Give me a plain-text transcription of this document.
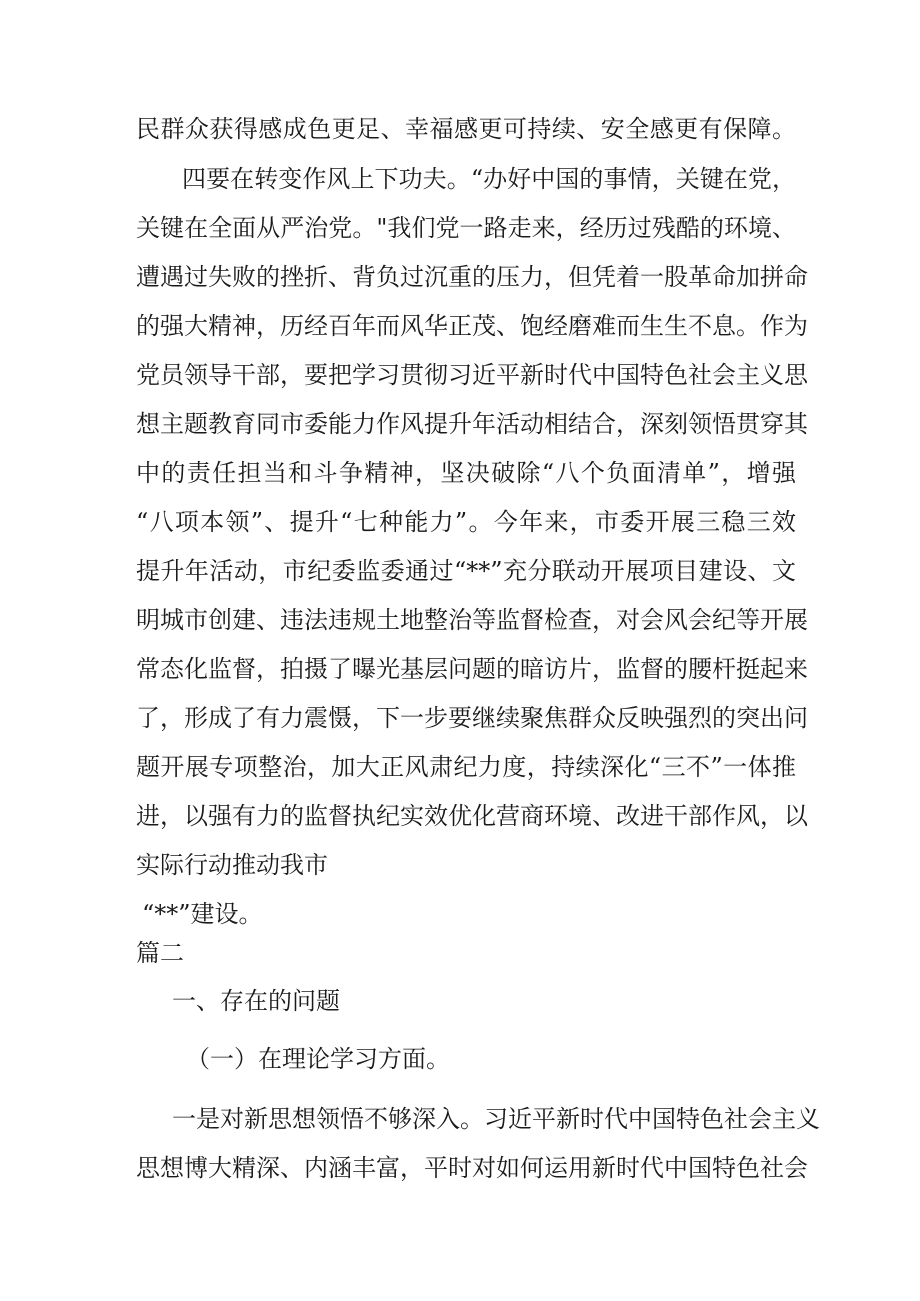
民群众获得感成色更足、幸福感更可持续、安全感更有保障。
四要在转变作风上下功夫。“办好中国的事情，关键在党，
关键在全面从严治党。"我们党一路走来，经历过残酷的环境、
遭遇过失败的挫折、背负过沉重的压力，但凭着一股革命加拼命
的强大精神，历经百年而风华正茂、饱经磨难而生生不息。作为
党员领导干部，要把学习贯彻习近平新时代中国特色社会主义思
想主题教育同市委能力作风提升年活动相结合，深刻领悟贯穿其
中的责任担当和斗争精神，坚决破除“八个负面清单”，增强
“八项本领”、提升“七种能力”。今年来，市委开展三稳三效
提升年活动，市纪委监委通过“**”充分联动开展项目建设、文
明城市创建、违法违规土地整治等监督检查，对会风会纪等开展
常态化监督，拍摄了曝光基层问题的暗访片，监督的腰杆挺起来
了，形成了有力震慑，下一步要继续聚焦群众反映强烈的突出问
题开展专项整治，加大正风肃纪力度，持续深化“三不”一体推
进，以强有力的监督执纪实效优化营商环境、改进干部作风，以
实际行动推动我市
“**”建设。
篇二
一、存在的问题
（一）在理论学习方面。
一是对新思想领悟不够深入。习近平新时代中国特色社会主义
思想博大精深、内涵丰富，平时对如何运用新时代中国特色社会
